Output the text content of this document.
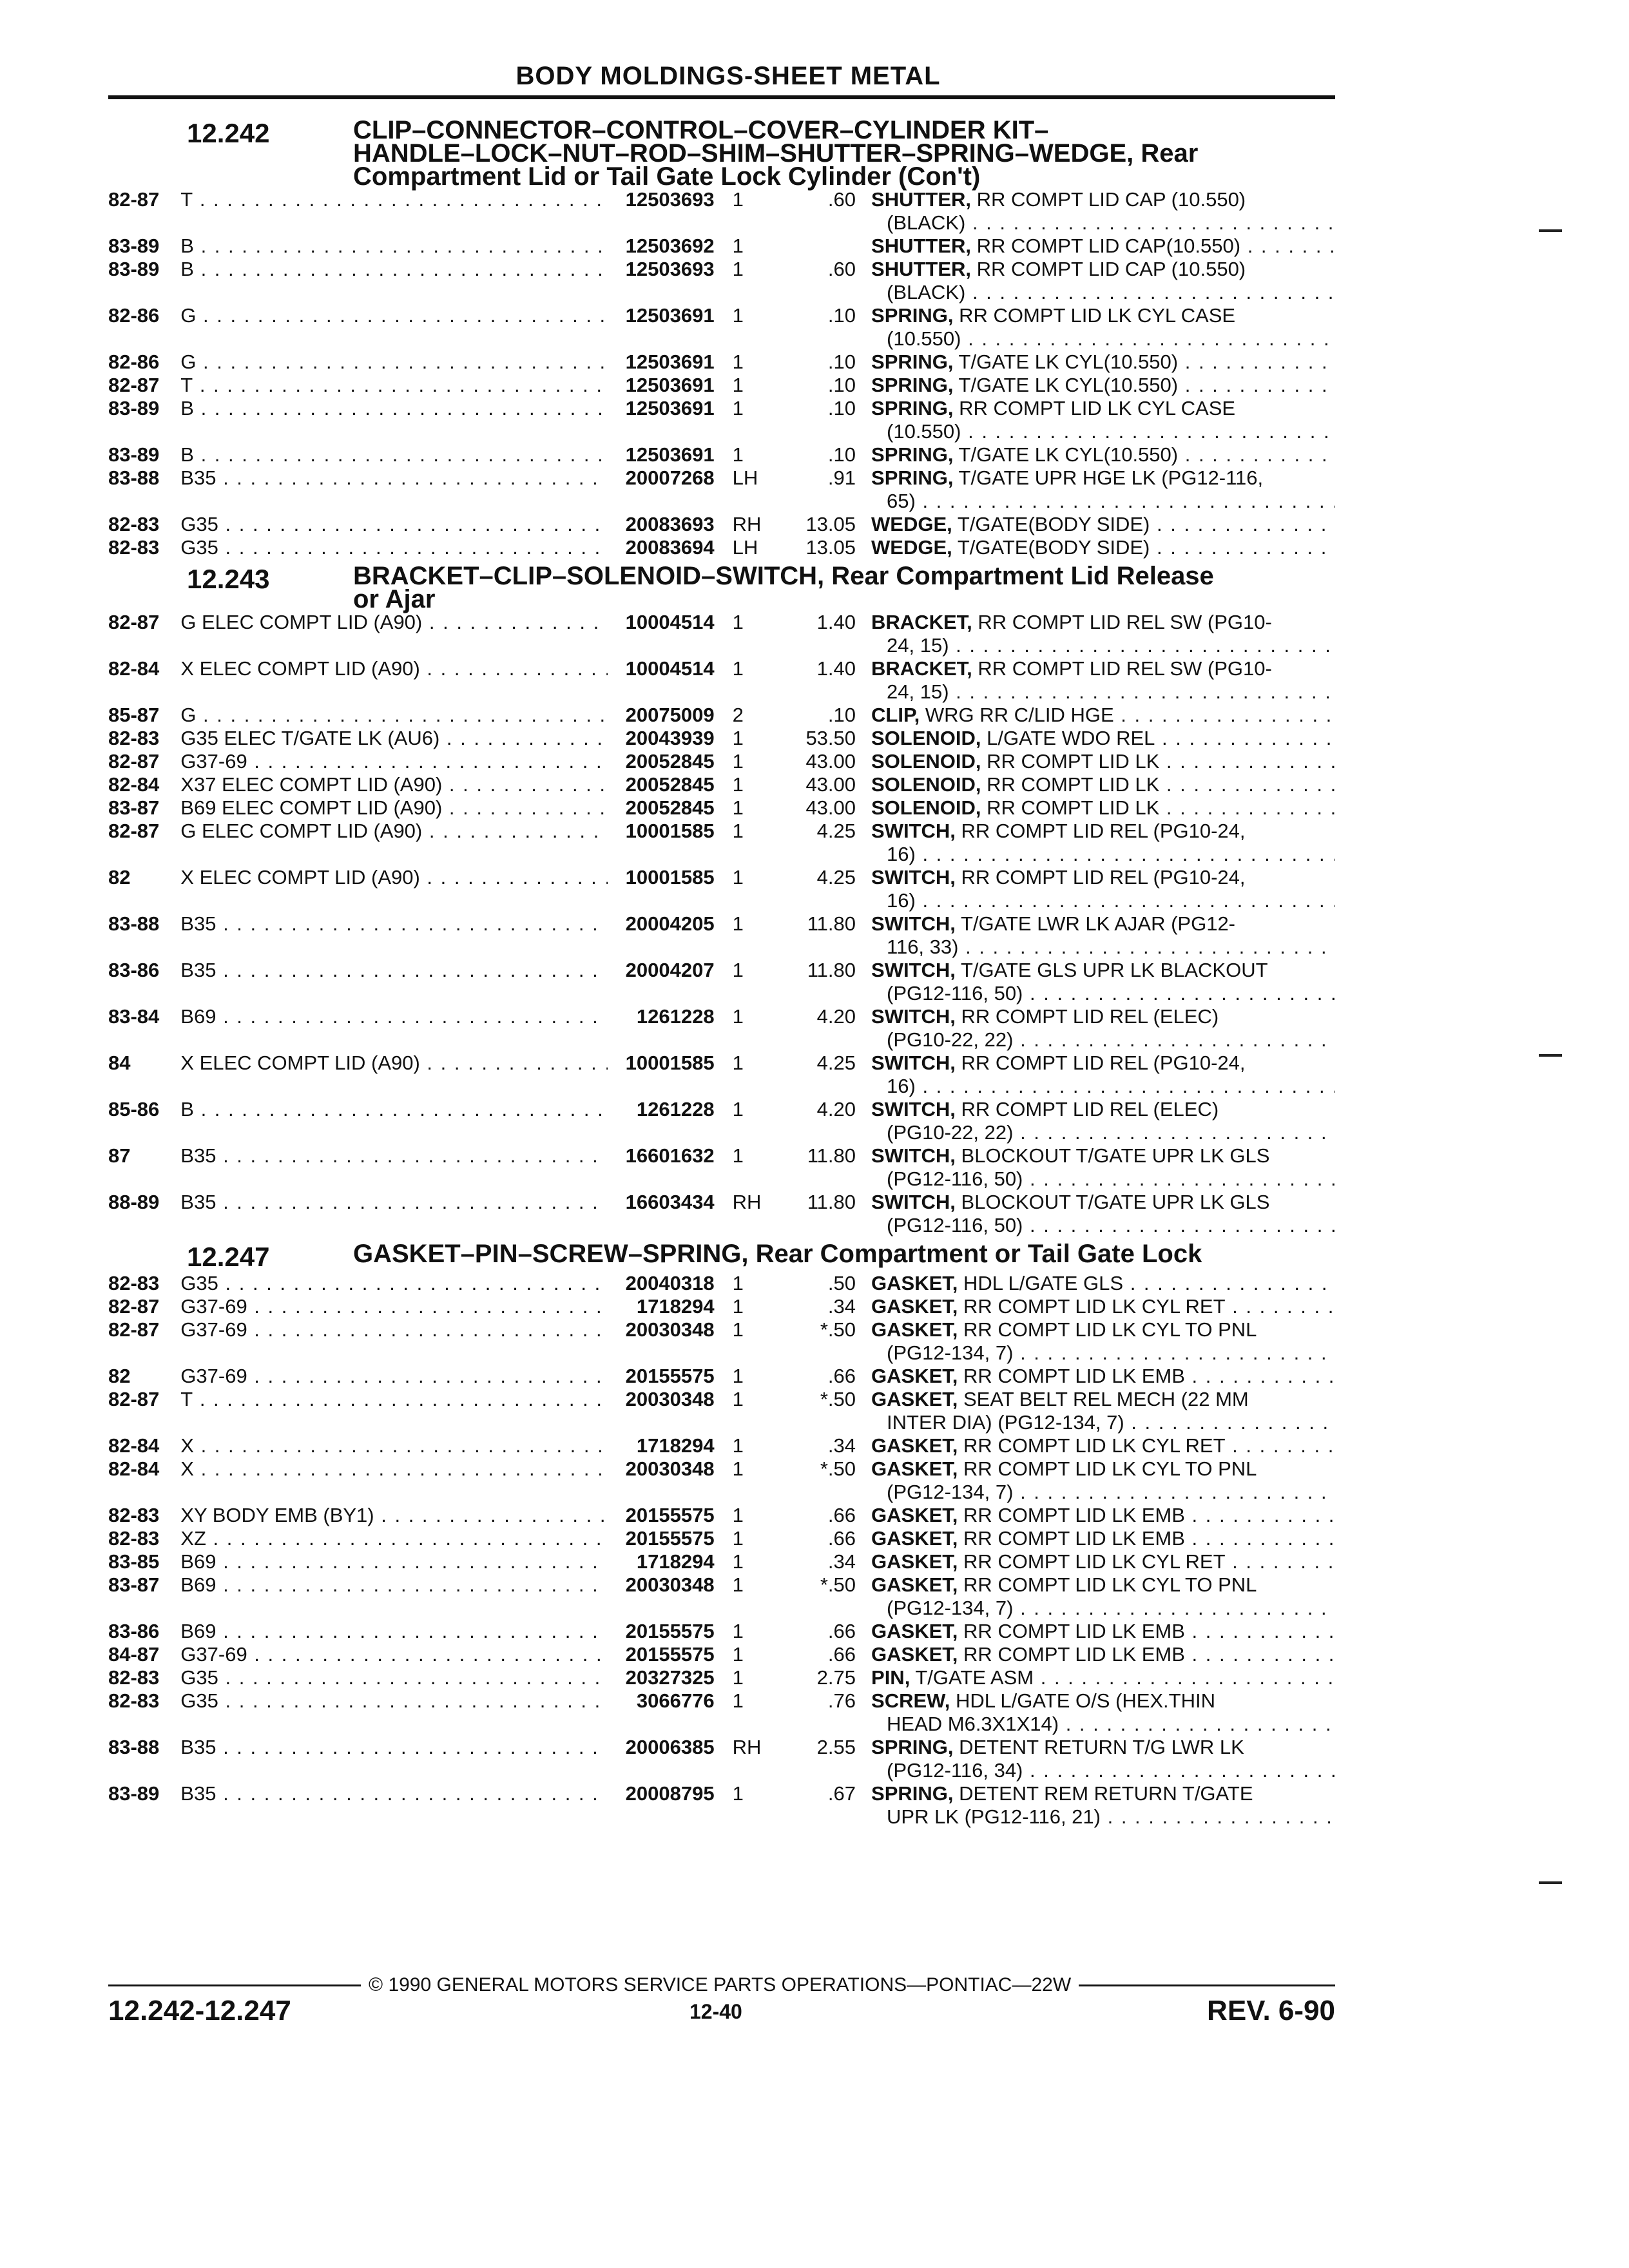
BODY MOLDINGS-SHEET METAL
12.242	CLIP–CONNECTOR–CONTROL–COVER–CYLINDER KIT–
HANDLE–LOCK–NUT–ROD–SHIM–SHUTTER–SPRING–WEDGE, Rear
Compartment Lid or Tail Gate Lock Cylinder (Con't)
82-87	T . . .	12503693 1	.60 SHUTTER, RR COMPT LID CAP (10.550)
(BLACK) . . .
83-89	B . . .	12503692 1	SHUTTER, RR COMPT LID CAP(10.550) . . .
83-89	B . . .	12503693 1	.60 SHUTTER, RR COMPT LID CAP (10.550)
(BLACK) . . .
82-86	G . . .	12503691 1	.10 SPRING, RR COMPT LID LK CYL CASE
(10.550) . . .
82-86	G . . .	12503691 1	.10 SPRING, T/GATE LK CYL(10.550) . . .
82-87	T . . .	12503691 1	.10 SPRING, T/GATE LK CYL(10.550) . . .
83-89	B . . .	12503691 1	.10 SPRING, RR COMPT LID LK CYL CASE
(10.550) . . .
83-89	B . . .	12503691 1	.10 SPRING, T/GATE LK CYL(10.550) . . .
83-88	B35 . . .	20007268 LH	.91 SPRING, T/GATE UPR HGE LK (PG12-116,
65) . . .
82-83	G35 . . .	20083693 RH	13.05 WEDGE, T/GATE(BODY SIDE) . . .
82-83	G35 . . .	20083694 LH	13.05 WEDGE, T/GATE(BODY SIDE) . . .
12.243	BRACKET–CLIP–SOLENOID–SWITCH, Rear Compartment Lid Release
or Ajar
82-87	G ELEC COMPT LID (A90) . . .	10004514 1	1.40 BRACKET, RR COMPT LID REL SW (PG10-
24, 15) . . .
82-84	X ELEC COMPT LID (A90) . . .	10004514 1	1.40 BRACKET, RR COMPT LID REL SW (PG10-
24, 15) . . .
85-87	G . . .	20075009 2	.10 CLIP, WRG RR C/LID HGE . . .
82-83	G35 ELEC T/GATE LK (AU6) . . .	20043939 1	53.50 SOLENOID, L/GATE WDO REL . . .
82-87	G37-69 . . .	20052845 1	43.00 SOLENOID, RR COMPT LID LK . . .
82-84	X37 ELEC COMPT LID (A90) . . .	20052845 1	43.00 SOLENOID, RR COMPT LID LK . . .
83-87	B69 ELEC COMPT LID (A90) . . .	20052845 1	43.00 SOLENOID, RR COMPT LID LK . . .
82-87	G ELEC COMPT LID (A90) . . .	10001585 1	4.25 SWITCH, RR COMPT LID REL (PG10-24,
16) . . .
82	X ELEC COMPT LID (A90) . . .	10001585 1	4.25 SWITCH, RR COMPT LID REL (PG10-24,
16) . . .
83-88	B35 . . .	20004205 1	11.80 SWITCH, T/GATE LWR LK AJAR (PG12-
116, 33) . . .
83-86	B35 . . .	20004207 1	11.80 SWITCH, T/GATE GLS UPR LK BLACKOUT
(PG12-116, 50) . . .
83-84	B69 . . .	1261228 1	4.20 SWITCH, RR COMPT LID REL (ELEC)
(PG10-22, 22) . . .
84	X ELEC COMPT LID (A90) . . .	10001585 1	4.25 SWITCH, RR COMPT LID REL (PG10-24,
16) . . .
85-86	B . . .	1261228 1	4.20 SWITCH, RR COMPT LID REL (ELEC)
(PG10-22, 22) . . .
87	B35 . . .	16601632 1	11.80 SWITCH, BLOCKOUT T/GATE UPR LK GLS
(PG12-116, 50) . . .
88-89	B35 . . .	16603434 RH	11.80 SWITCH, BLOCKOUT T/GATE UPR LK GLS
(PG12-116, 50) . . .
12.247	GASKET–PIN–SCREW–SPRING, Rear Compartment or Tail Gate Lock
82-83	G35 . . .	20040318 1	.50 GASKET, HDL L/GATE GLS . . .
82-87	G37-69 . . .	1718294 1	.34 GASKET, RR COMPT LID LK CYL RET . . .
82-87	G37-69 . . .	20030348 1	*.50 GASKET, RR COMPT LID LK CYL TO PNL
(PG12-134, 7) . . .
82	G37-69 . . .	20155575 1	.66 GASKET, RR COMPT LID LK EMB . . .
82-87	T . . .	20030348 1	*.50 GASKET, SEAT BELT REL MECH (22 MM
INTER DIA) (PG12-134, 7) . . .
82-84	X . . .	1718294 1	.34 GASKET, RR COMPT LID LK CYL RET . . .
82-84	X . . .	20030348 1	*.50 GASKET, RR COMPT LID LK CYL TO PNL
(PG12-134, 7) . . .
82-83	XY BODY EMB (BY1) . . .	20155575 1	.66 GASKET, RR COMPT LID LK EMB . . .
82-83	XZ . . .	20155575 1	.66 GASKET, RR COMPT LID LK EMB . . .
83-85	B69 . . .	1718294 1	.34 GASKET, RR COMPT LID LK CYL RET . . .
83-87	B69 . . .	20030348 1	*.50 GASKET, RR COMPT LID LK CYL TO PNL
(PG12-134, 7) . . .
83-86	B69 . . .	20155575 1	.66 GASKET, RR COMPT LID LK EMB . . .
84-87	G37-69 . . .	20155575 1	.66 GASKET, RR COMPT LID LK EMB . . .
82-83	G35 . . .	20327325 1	2.75 PIN, T/GATE ASM . . .
82-83	G35 . . .	3066776 1	.76 SCREW, HDL L/GATE O/S (HEX.THIN
HEAD M6.3X1X14) . . .
83-88	B35 . . .	20006385 RH	2.55 SPRING, DETENT RETURN T/G LWR LK
(PG12-116, 34) . . .
83-89	B35 . . .	20008795 1	.67 SPRING, DETENT REM RETURN T/GATE
UPR LK (PG12-116, 21) . . .
© 1990 GENERAL MOTORS SERVICE PARTS OPERATIONS—PONTIAC—22W
12.242-12.247	12-40	REV. 6-90
